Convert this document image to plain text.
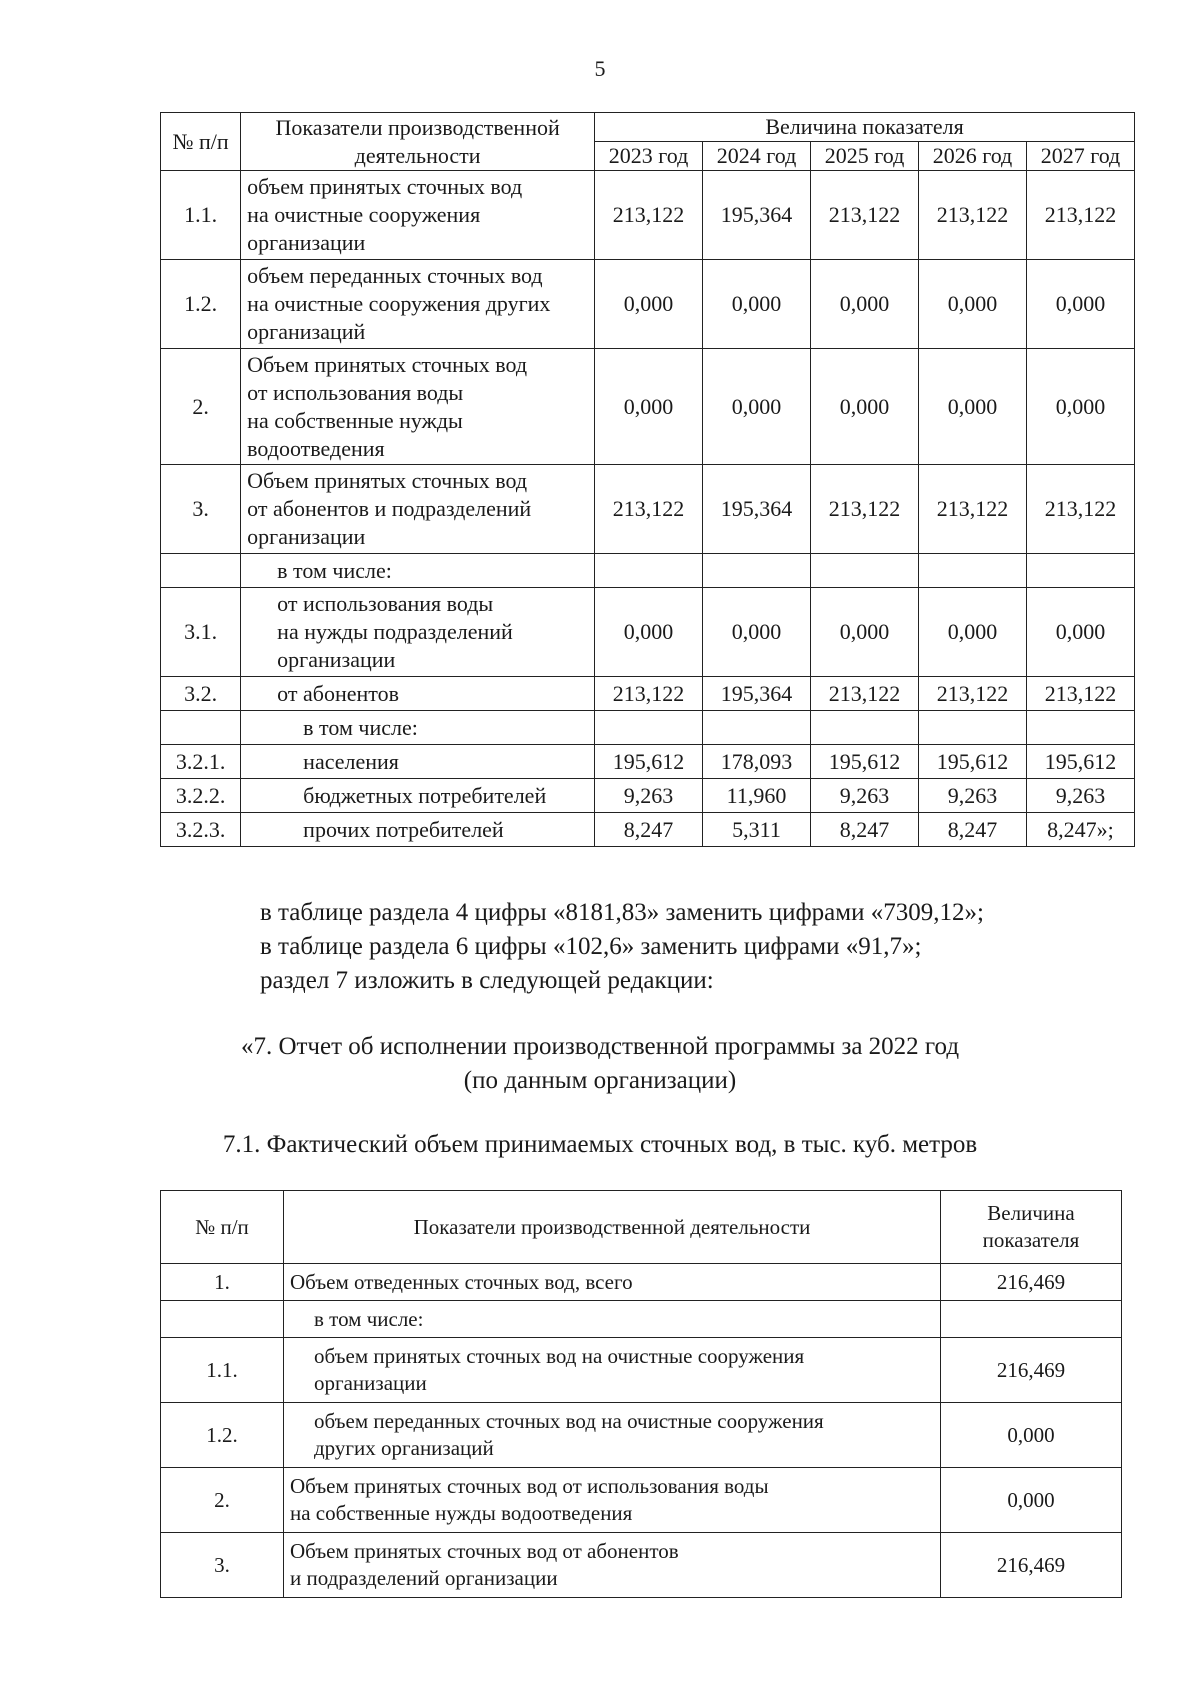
5
№ п/п	Показатели производственной деятельности	Величина показателя				
		2023 год	2024 год	2025 год	2026 год	2027 год
1.1.	объем принятых сточных вод
на очистные сооружения
организации	213,122	195,364	213,122	213,122	213,122
1.2.	объем переданных сточных вод
на очистные сооружения других
организаций	0,000	0,000	0,000	0,000	0,000
2.	Объем принятых сточных вод
от использования воды
на собственные нужды
водоотведения	0,000	0,000	0,000	0,000	0,000
3.	Объем принятых сточных вод
от абонентов и подразделений
организации	213,122	195,364	213,122	213,122	213,122

	в том числе:					

3.1.	от использования воды
на нужды подразделений
организации	0,000	0,000	0,000	0,000	0,000
3.2.	от абонентов	213,122	195,364	213,122	213,122	213,122

	в том числе:					

3.2.1.	населения	195,612	178,093	195,612	195,612	195,612
3.2.2.	бюджетных потребителей	9,263	11,960	9,263	9,263	9,263
3.2.3.	прочих потребителей	8,247	5,311	8,247	8,247	8,247»;
в таблице раздела 4 цифры «8181,83» заменить цифрами «7309,12»;
в таблице раздела 6 цифры «102,6» заменить цифрами «91,7»;
раздел 7 изложить в следующей редакции:
«7. Отчет об исполнении производственной программы за 2022 год
(по данным организации)
7.1. Фактический объем принимаемых сточных вод, в тыс. куб. метров
№ п/п	Показатели производственной деятельности	Величина
показателя

1.	Объем отведенных сточных вод, всего	216,469

	в том числе:	

1.1.	объем принятых сточных вод на очистные сооружения
организации	216,469
1.2.	объем переданных сточных вод на очистные сооружения
других организаций	0,000
2.	Объем принятых сточных вод от использования воды
на собственные нужды водоотведения	0,000
3.	Объем принятых сточных вод от абонентов
и подразделений организации	216,469
